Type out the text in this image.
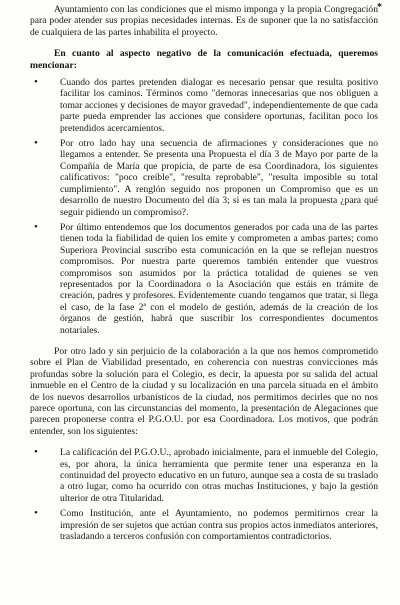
*

Ayuntamiento con las condiciones que el mismo imponga y la propia Congregación para poder atender sus propias necesidades internas. Es de suponer que la no satisfacción de cualquiera de las partes inhabilita el proyecto.

En cuanto al aspecto negativo de la comunicación efectuada, queremos mencionar:

• Cuando dos partes pretenden dialogar es necesario pensar que resulta positivo facilitar los caminos. Términos como "demoras innecesarias que nos obliguen a tomar acciones y decisiones de mayor gravedad", independientemente de que cada parte pueda emprender las acciones que considere oportunas, facilitan poco los pretendidos acercamientos.
• Por otro lado hay una secuencia de afirmaciones y consideraciones que no llegamos a entender. Se presenta una Propuesta el día 3 de Mayo por parte de la Compañía de María que propicia, de parte de esa Coordinadora, los siguientes calificativos: "poco creíble", "resulta reprobable", "resulta imposible su total cumplimiento". A renglón seguido nos proponen un Compromiso que es un desarrollo de nuestro Documento del día 3; si es tan mala la propuesta ¿para qué seguir pidiendo un compromiso?.
• Por último entendemos que los documentos generados por cada una de las partes tienen toda la fiabilidad de quien los emite y comprometen a ambas partes; como Superiora Provincial suscribo esta comunicación en la que se reflejan nuestros compromisos. Por nuestra parte queremos también entender que vuestros compromisos son asumidos por la práctica totalidad de quienes se ven representados por la Coordinadora o la Asociación que estáis en trámite de creación, padres y profesores. Evidentemente cuando tengamos que tratar, si llega el caso, de la fase 2ª con el modelo de gestión, además de la creación de los órganos de gestión, habrá que suscribir los correspondientes documentos notariales.

Por otro lado y sin perjuicio de la colaboración a la que nos hemos comprometido sobre el Plan de Viabilidad presentado, en coherencia con nuestras convicciones más profundas sobre la solución para el Colegio, es decir, la apuesta por su salida del actual inmueble en el Centro de la ciudad y su localización en una parcela situada en el ámbito de los nuevos desarrollos urbanísticos de la ciudad, nos permitimos decirles que no nos parece oportuna, con las circunstancias del momento, la presentación de Alegaciones que parecen proponerse contra el P.G.O.U. por esa Coordinadora. Los motivos, que podrán entender, son los siguientes:

• La calificación del P.G.O.U., aprobado inicialmente, para el inmueble del Colegio, es, por ahora, la única herramienta que permite tener una esperanza en la continuidad del proyecto educativo en un futuro, aunque sea a costa de su traslado a otro lugar, como ha ocurrido con otras muchas Instituciones, y bajo la gestión ulterior de otra Titularidad.
• Como Institución, ante el Ayuntamiento, no podemos permitirnos crear la impresión de ser sujetos que actúan contra sus propios actos inmediatos anteriores, trasladando a terceros confusión con comportamientos contradictorios.
